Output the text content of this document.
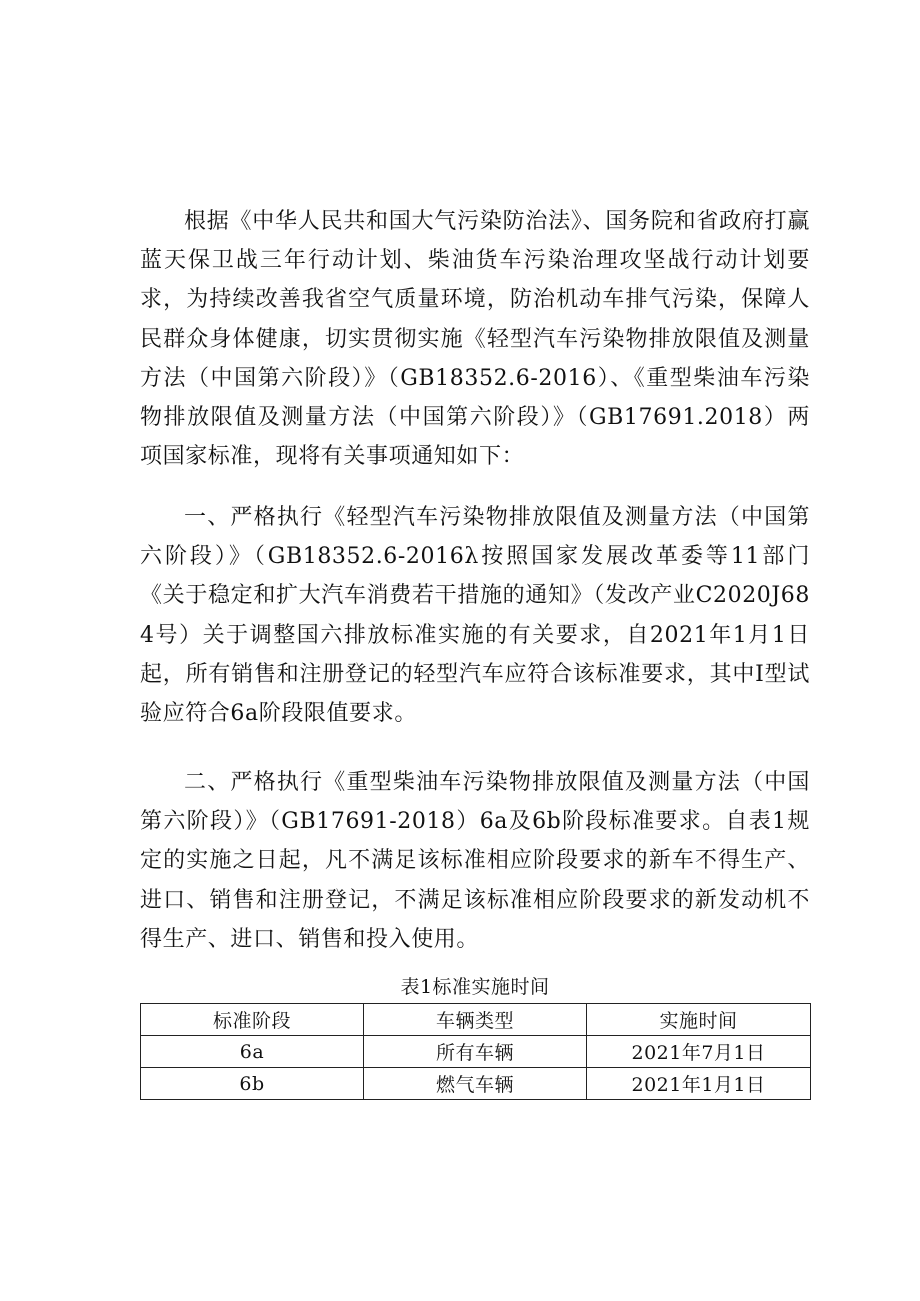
根据《中华人民共和国大气污染防治法》、国务院和省政府打赢蓝天保卫战三年行动计划、柴油货车污染治理攻坚战行动计划要求，为持续改善我省空气质量环境，防治机动车排气污染，保障人民群众身体健康，切实贯彻实施《轻型汽车污染物排放限值及测量方法（中国第六阶段）》（GB18352.6-2016）、《重型柴油车污染物排放限值及测量方法（中国第六阶段）》（GB17691.2018）两项国家标准，现将有关事项通知如下：

一、严格执行《轻型汽车污染物排放限值及测量方法（中国第六阶段）》（GB18352.6-2016λ按照国家发展改革委等11部门《关于稳定和扩大汽车消费若干措施的通知》（发改产业C2020J684号）关于调整国六排放标准实施的有关要求，自2021年1月1日起，所有销售和注册登记的轻型汽车应符合该标准要求，其中I型试验应符合6a阶段限值要求。

二、严格执行《重型柴油车污染物排放限值及测量方法（中国第六阶段）》（GB17691-2018）6a及6b阶段标准要求。自表1规定的实施之日起，凡不满足该标准相应阶段要求的新车不得生产、进口、销售和注册登记，不满足该标准相应阶段要求的新发动机不得生产、进口、销售和投入使用。

表1标准实施时间
标准阶段	车辆类型	实施时间
6a	所有车辆	2021年7月1日
6b	燃气车辆	2021年1月1日
